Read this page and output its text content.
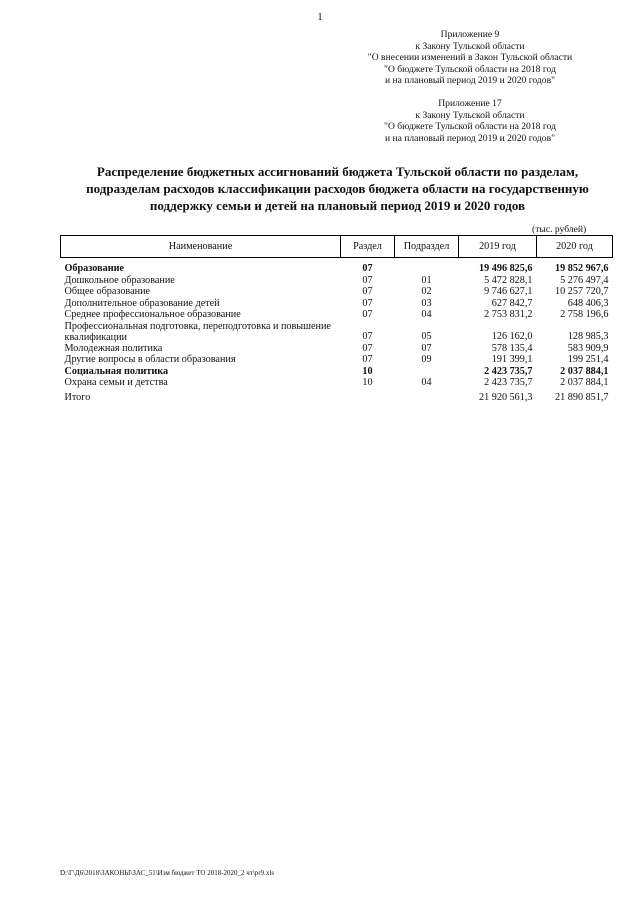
1
Приложение 9
к Закону Тульской области
"О внесении изменений в Закон Тульской области
"О бюджете Тульской области на 2018 год
и на плановый период 2019 и 2020 годов"
Приложение 17
к Закону Тульской области
"О бюджете Тульской области на 2018 год
и на плановый период 2019 и 2020 годов"
Распределение бюджетных ассигнований бюджета Тульской области по разделам,
подразделам расходов классификации расходов бюджета области на государственную
поддержку семьи и детей на плановый период 2019 и 2020 годов
(тыс. рублей)
Наименование	Раздел	Подраздел	2019 год	2020 год
Образование	07		19 496 825,6	19 852 967,6
Дошкольное образование	07	01	5 472 828,1	5 276 497,4
Общее образование	07	02	9 746 627,1	10 257 720,7
Дополнительное образование детей	07	03	627 842,7	648 406,3
Среднее профессиональное образование	07	04	2 753 831,2	2 758 196,6
Профессиональная подготовка, переподготовка и повышение квалификации	07	05	126 162,0	128 985,3
Молодежная политика	07	07	578 135,4	583 909,9
Другие вопросы в области образования	07	09	191 399,1	199 251,4
Социальная политика	10		2 423 735,7	2 037 884,1
Охрана семьи и детства	10	04	2 423 735,7	2 037 884,1
Итого			21 920 561,3	21 890 851,7
D:\Г\Д6\2018\ЗАКОНЫ\ЗАС_51\Изм бюджет ТО 2018-2020_2 чт\pr9.xls
